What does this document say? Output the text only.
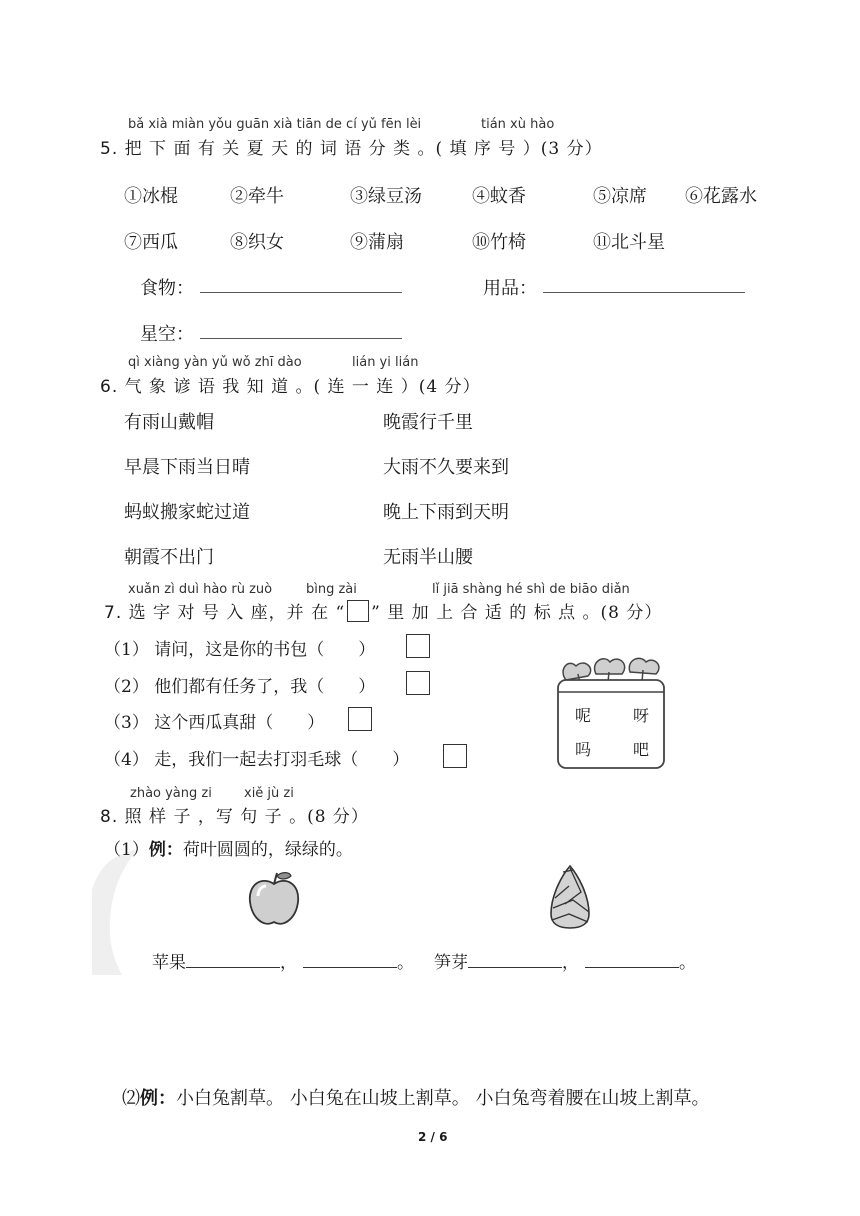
bǎ xià miàn yǒu guān xià tiān de cí yǔ fēn lèi	tián xù hào
5. 把 下 面 有 关 夏 天 的 词 语 分 类 。( 填 序 号 ）(3 分）
①冰棍	②牵牛	③绿豆汤	④蚊香	⑤凉席 ⑥花露水
⑦西瓜	⑧织女	⑨蒲扇	⑩竹椅	⑪北斗星
食物：	用品：
星空：
qì xiàng yàn yǔ wǒ zhī dào	lián yi lián
6. 气 象 谚 语 我 知 道 。( 连 一 连 ）(4 分）
有雨山戴帽
早晨下雨当日晴
蚂蚁搬家蛇过道
朝霞不出门
晚霞行千里
大雨不久要来到
晚上下雨到天明
无雨半山腰
xuǎn zì duì hào rù zuò	bìng zài	lǐ jiā shàng hé shì de biāo diǎn
7. 选 字 对 号 入 座，并 在 “ ” 里 加 上 合 适 的 标 点 。(8 分）
（1） 请问，这是你的书包（　　）
（2） 他们都有任务了，我（　　）
（3） 这个西瓜真甜（　　）
（4） 走，我们一起去打羽毛球（　　）
呢	呀
吗	吧
zhào yàng zi xiě jù zi
8. 照 样 子 ，写 句 子 。(8 分）
（1）例：荷叶圆圆的，绿绿的。
苹果	，	。 笋芽	，	。
⑵例：小白兔割草。 小白兔在山坡上割草。 小白兔弯着腰在山坡上割草。
2 / 6
